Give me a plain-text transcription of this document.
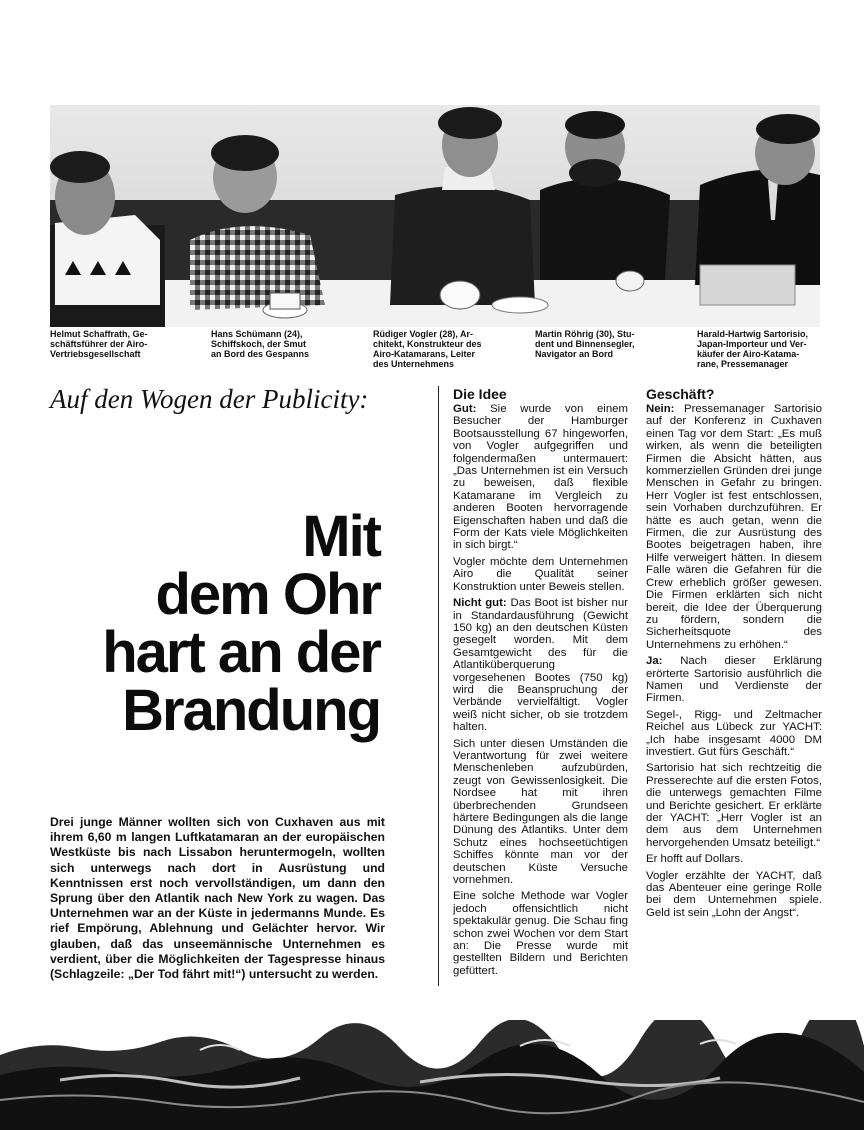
Helmut Schaffrath, Ge-

schäftsführer der Airo-

Vertriebsgesellschaft

Hans Schümann (24),

Schiffskoch, der Smut

an Bord des Gespanns

Rüdiger Vogler (28), Ar-

chitekt, Konstrukteur des

Airo-Katamarans, Leiter

des Unternehmens

Martin Röhrig (30), Stu-

dent und Binnensegler,

Navigator an Bord

Harald-Hartwig Sartorisio,

Japan-Importeur und Ver-

käufer der Airo-Katama-

rane, Pressemanager

Auf den Wogen der Publicity:
Mit
dem Ohr
hart an der
Brandung

Drei junge Männer wollten sich von Cuxhaven aus mit ihrem 6,60 m langen Luftkatamaran an der europäischen Westküste bis nach Lissabon heruntermogeln, wollten sich unterwegs nach dort in Ausrüstung und Kenntnissen erst noch vervollständigen, um dann den Sprung über den Atlantik nach New York zu wagen. Das Unternehmen war an der Küste in jedermanns Munde. Es rief Empörung, Ablehnung und Gelächter hervor. Wir glauben, daß das unseemännische Unternehmen es verdient, über die Möglichkeiten der Tagespresse hinaus (Schlagzeile: „Der Tod fährt mit!“) untersucht zu werden.

Die Idee

Gut: Sie wurde von einem Besucher der Hamburger Bootsausstellung 67 hingeworfen, von Vogler aufgegriffen und folgendermaßen untermauert: „Das Unternehmen ist ein Versuch zu beweisen, daß flexible Katamarane im Vergleich zu anderen Booten hervorragende Eigenschaften haben und daß die Form der Kats viele Möglichkeiten in sich birgt.“

Vogler möchte dem Unternehmen Airo die Qualität seiner Konstruktion unter Beweis stellen.

Nicht gut: Das Boot ist bisher nur in Standardausführung (Gewicht 150 kg) an den deutschen Küsten gesegelt worden. Mit dem Gesamtgewicht des für die Atlantiküberquerung vorgesehenen Bootes (750 kg) wird die Beanspruchung der Verbände vervielfältigt. Vogler weiß nicht sicher, ob sie trotzdem halten.

Sich unter diesen Umständen die Verantwortung für zwei weitere Menschenleben aufzubürden, zeugt von Gewissenlosigkeit. Die Nordsee hat mit ihren überbrechenden Grundseen härtere Bedingungen als die lange Dünung des Atlantiks. Unter dem Schutz eines hochseetüchtigen Schiffes könnte man vor der deutschen Küste Versuche vornehmen.

Eine solche Methode war Vogler jedoch offensichtlich nicht spektakulär genug. Die Schau fing schon zwei Wochen vor dem Start an: Die Presse wurde mit gestellten Bildern und Berichten gefüttert.

Geschäft?

Nein: Pressemanager Sartorisio auf der Konferenz in Cuxhaven einen Tag vor dem Start: „Es muß wirken, als wenn die beteiligten Firmen die Absicht hätten, aus kommerziellen Gründen drei junge Menschen in Gefahr zu bringen. Herr Vogler ist fest entschlossen, sein Vorhaben durchzuführen. Er hätte es auch getan, wenn die Firmen, die zur Ausrüstung des Bootes beigetragen haben, ihre Hilfe verweigert hätten. In diesem Falle wären die Gefahren für die Crew erheblich größer gewesen. Die Firmen erklärten sich nicht bereit, die Idee der Überquerung zu fördern, sondern die Sicherheitsquote des Unternehmens zu erhöhen.“

Ja: Nach dieser Erklärung erörterte Sartorisio ausführlich die Namen und Verdienste der Firmen.

Segel-, Rigg- und Zeltmacher Reichel aus Lübeck zur YACHT: „Ich habe insgesamt 4000 DM investiert. Gut fürs Geschäft.“

Sartorisio hat sich rechtzeitig die Presserechte auf die ersten Fotos, die unterwegs gemachten Filme und Berichte gesichert. Er erklärte der YACHT: „Herr Vogler ist an dem aus dem Unternehmen hervorgehenden Umsatz beteiligt.“

Er hofft auf Dollars.

Vogler erzählte der YACHT, daß das Abenteuer eine geringe Rolle bei dem Unternehmen spiele. Geld ist sein „Lohn der Angst“.
